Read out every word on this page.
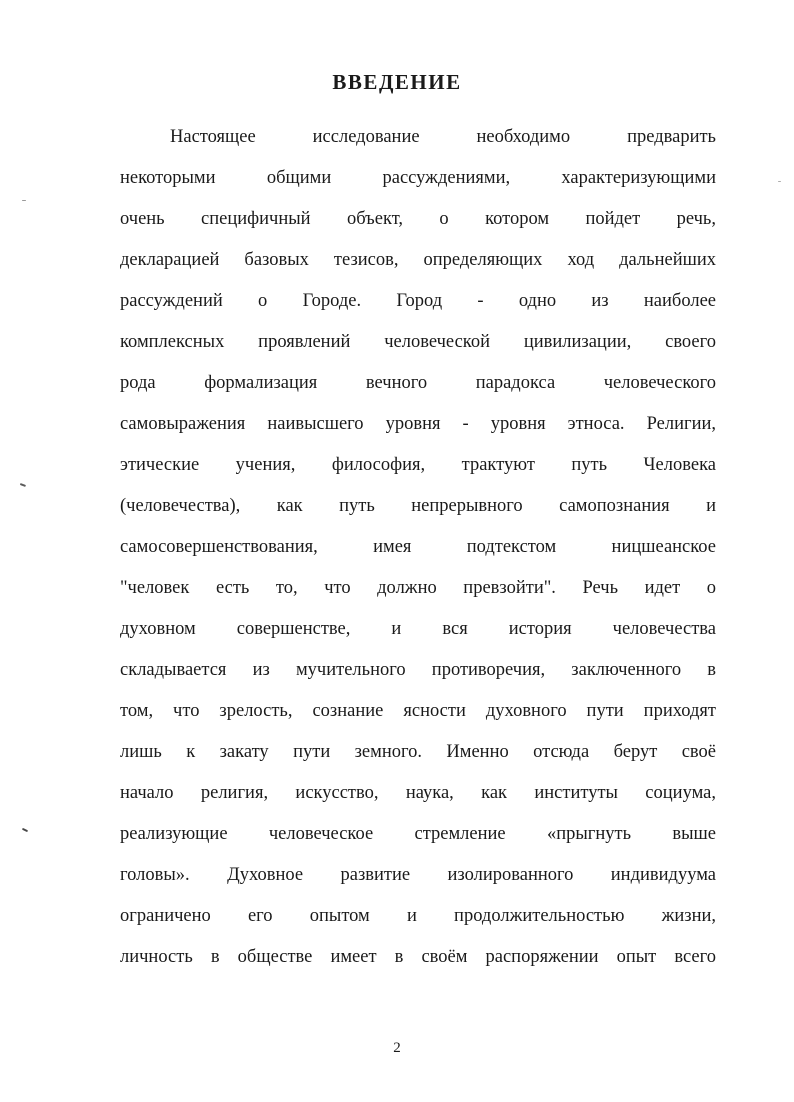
ВВЕДЕНИЕ
Настоящее исследование необходимо предварить
некоторыми общими рассуждениями, характеризующими
очень специфичный объект, о котором пойдет речь,
декларацией базовых тезисов, определяющих ход дальнейших
рассуждений о Городе. Город - одно из наиболее
комплексных проявлений человеческой цивилизации, своего
рода формализация вечного парадокса человеческого
самовыражения наивысшего уровня - уровня этноса. Религии,
этические учения, философия, трактуют путь Человека
(человечества), как путь непрерывного самопознания и
самосовершенствования, имея подтекстом ницшеанское
"человек есть то, что должно превзойти". Речь идет о
духовном совершенстве, и вся история человечества
складывается из мучительного противоречия, заключенного в
том, что зрелость, сознание ясности духовного пути приходят
лишь к закату пути земного. Именно отсюда берут своё
начало религия, искусство, наука, как институты социума,
реализующие человеческое стремление «прыгнуть выше
головы». Духовное развитие изолированного индивидуума
ограничено его опытом и продолжительностью жизни,
личность в обществе имеет в своём распоряжении опыт всего
2
